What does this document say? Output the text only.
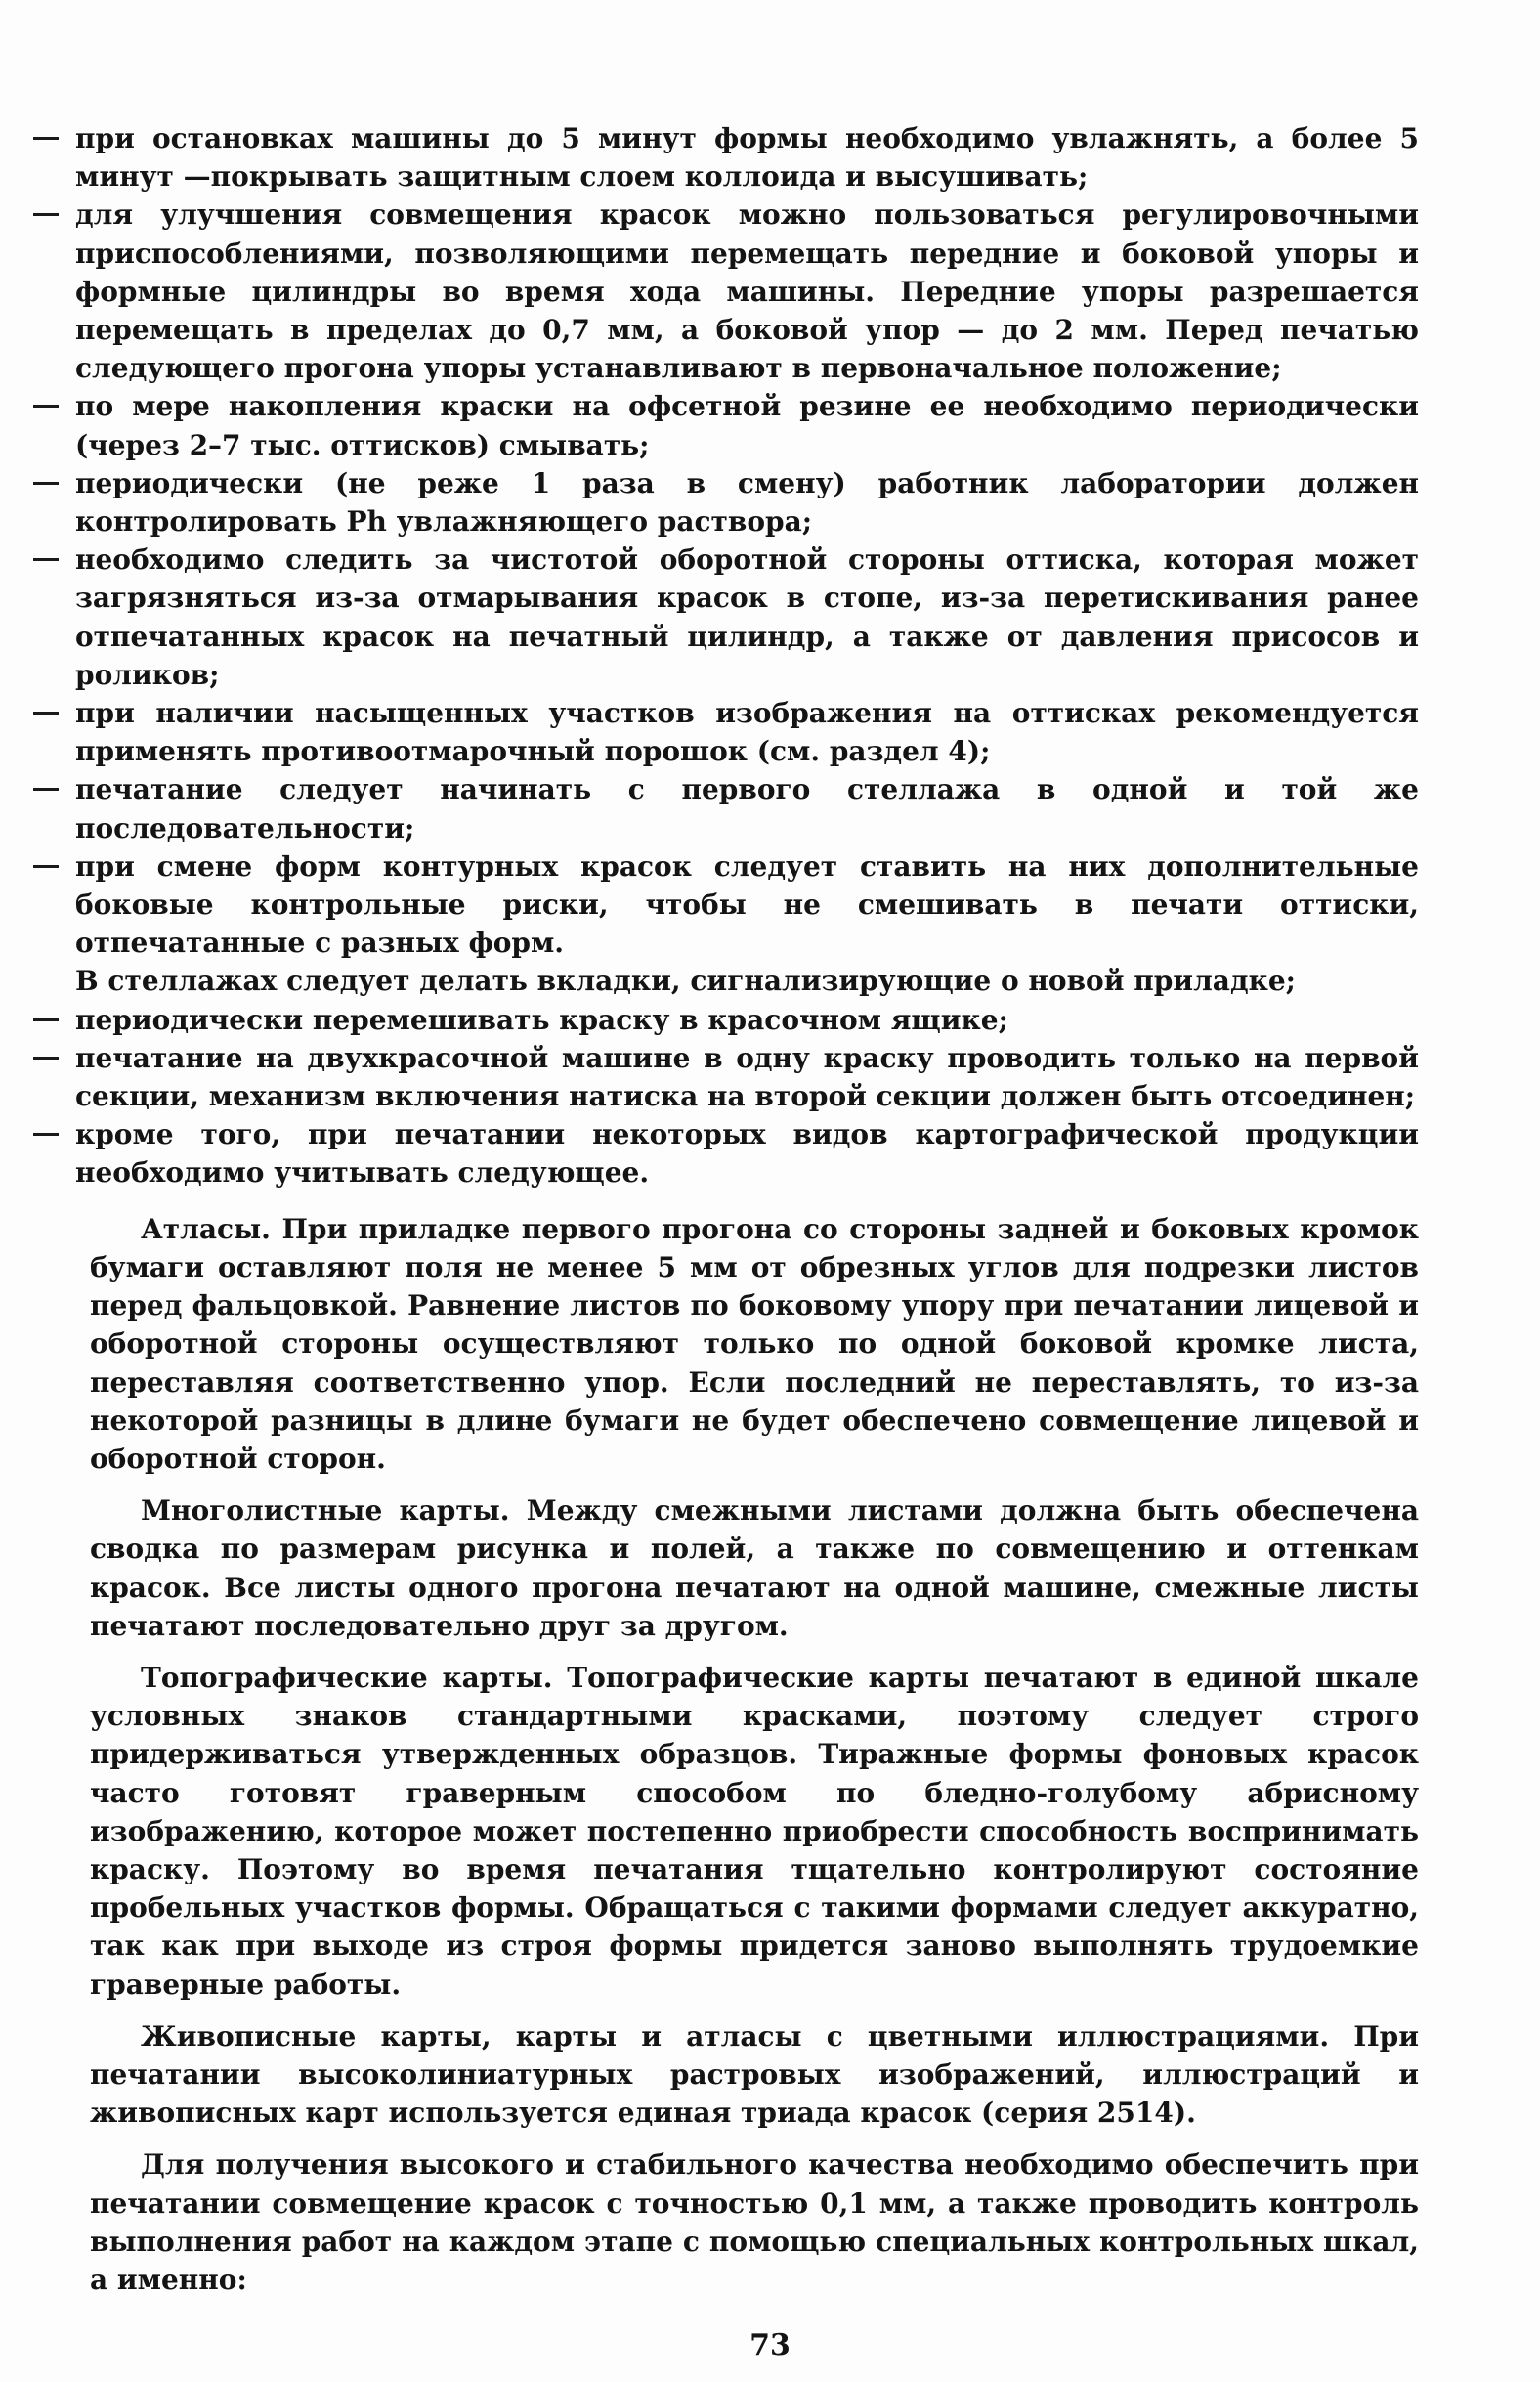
при остановках машины до 5 минут формы необходимо увлажнять, а более 5 минут —покрывать защитным слоем коллоида и высушивать;
для улучшения совмещения красок можно пользоваться регулировочными приспособлениями, позволяющими перемещать передние и боковой упоры и формные цилиндры во время хода машины. Передние упоры разрешается перемещать в пределах до 0,7 мм, а боковой упор — до 2 мм. Перед печатью следующего прогона упоры устанавливают в первоначальное положение;
по мере накопления краски на офсетной резине ее необходимо периодически (через 2–7 тыс. оттисков) смывать;
периодически (не реже 1 раза в смену) работник лаборатории должен контролировать Ph увлажняющего раствора;
необходимо следить за чистотой оборотной стороны оттиска, которая может загрязняться из-за отмарывания красок в стопе, из-за перетискивания ранее отпечатанных красок на печатный цилиндр, а также от давления присосов и роликов;
при наличии насыщенных участков изображения на оттисках рекомендуется применять противоотмарочный порошок (см. раздел 4);
печатание следует начинать с первого стеллажа в одной и той же последовательности;
при смене форм контурных красок следует ставить на них дополнительные боковые контрольные риски, чтобы не смешивать в печати оттиски, отпечатанные с разных форм.

В стеллажах следует делать вкладки, сигнализирующие о новой приладке;

периодически перемешивать краску в красочном ящике;
печатание на двухкрасочной машине в одну краску проводить только на первой секции, механизм включения натиска на второй секции должен быть отсоединен;
кроме того, при печатании некоторых видов картографической продукции необходимо учитывать следующее.

Атласы. При приладке первого прогона со стороны задней и боковых кромок бумаги оставляют поля не менее 5 мм от обрезных углов для подрезки листов перед фальцовкой. Равнение листов по боковому упору при печатании лицевой и оборотной стороны осуществляют только по одной боковой кромке листа, переставляя соответственно упор. Если последний не переставлять, то из-за некоторой разницы в длине бумаги не будет обеспечено совмещение лицевой и оборотной сторон.

Многолистные карты. Между смежными листами должна быть обеспечена сводка по размерам рисунка и полей, а также по совмещению и оттенкам красок. Все листы одного прогона печатают на одной машине, смежные листы печатают последовательно друг за другом.

Топографические карты. Топографические карты печатают в единой шкале условных знаков стандартными красками, поэтому следует строго придерживаться утвержденных образцов. Тиражные формы фоновых красок часто готовят граверным способом по бледно-голубому абрисному изображению, которое может постепенно приобрести способность воспринимать краску. Поэтому во время печатания тщательно контролируют состояние пробельных участков формы. Обращаться с такими формами следует аккуратно, так как при выходе из строя формы придется заново выполнять трудоемкие граверные работы.

Живописные карты, карты и атласы с цветными иллюстрациями. При печатании высоколиниатурных растровых изображений, иллюстраций и живописных карт используется единая триада красок (серия 2514).

Для получения высокого и стабильного качества необходимо обеспечить при печатании совмещение красок с точностью 0,1 мм, а также проводить контроль выполнения работ на каждом этапе с помощью специальных контрольных шкал, а именно:

73
